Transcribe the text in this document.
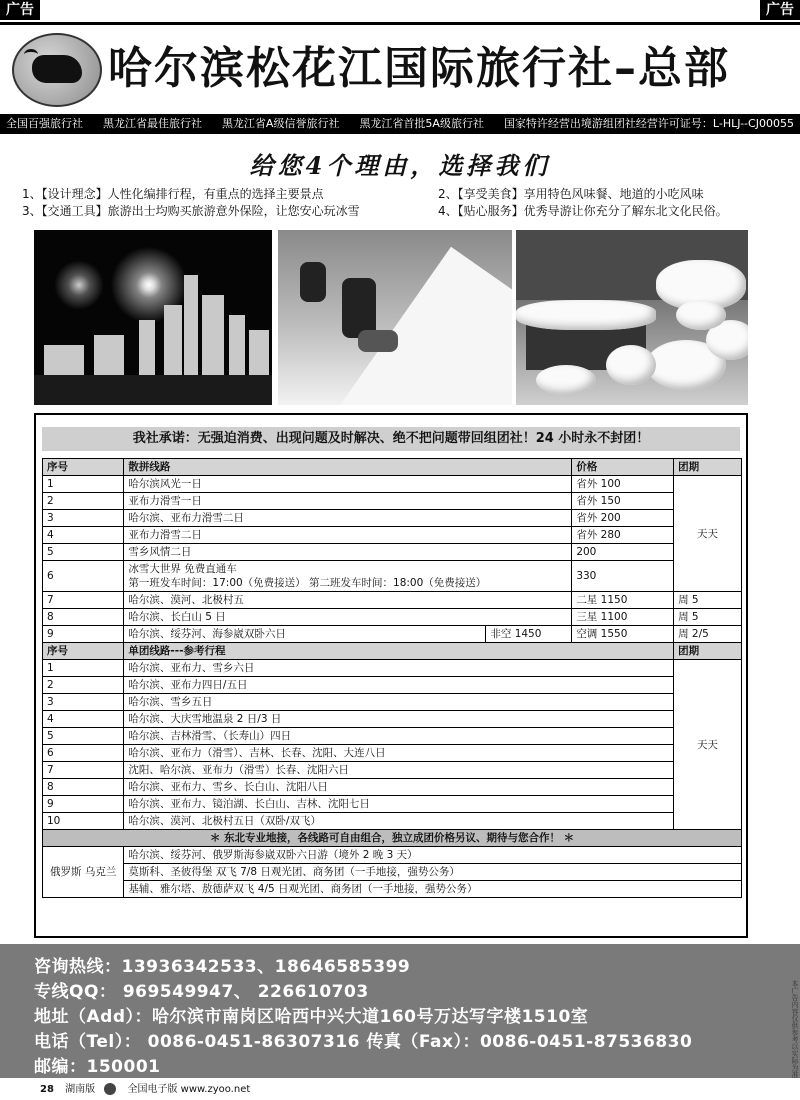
广告	广告
哈尔滨松花江国际旅行社–总部
全国百强旅行社 黑龙江省最佳旅行社 黑龙江省A级信誉旅行社 黑龙江省首批5A级旅行社 国家特许经营出境游组团社经营许可证号：L-HLJ--CJ00055
给您4个理由，选择我们
1、【设计理念】人性化编排行程，有重点的选择主要景点
3、【交通工具】旅游出士均购买旅游意外保险，让您安心玩冰雪
2、【享受美食】享用特色风味餐、地道的小吃风味
4、【贴心服务】优秀导游让你充分了解东北文化民俗。
我社承诺：无强迫消费、出现问题及时解决、绝不把问题带回组团社！24 小时永不封团！
序号	散拼线路		价格	团期
1	哈尔滨风光一日		省外 100	天天
2	亚布力滑雪一日		省外 150	
3	哈尔滨、亚布力滑雪二日		省外 200	
4	亚布力滑雪二日		省外 280	
5	雪乡风情二日		200	
6	冰雪大世界 免费直通车
第一班发车时间：17:00（免费接送） 第二班发车时间：18:00（免费接送）		330	
7	哈尔滨、漠河、北极村五		二星 1150	周 5
8	哈尔滨、长白山 5 日		三星 1100	周 5
9	哈尔滨、绥芬河、海参崴双卧六日	非空 1450	空调 1550	周 2/5
序号	单团线路---参考行程			团期
1	哈尔滨、亚布力、雪乡六日			天天
2	哈尔滨、亚布力四日/五日			
3	哈尔滨、雪乡五日			
4	哈尔滨、大庆雪地温泉 2 日/3 日			
5	哈尔滨、吉林滑雪、（长寿山）四日			
6	哈尔滨、亚布力（滑雪）、吉林、长春、沈阳、大连八日			
7	沈阳、哈尔滨、亚布力（滑雪）长春、沈阳六日			
8	哈尔滨、亚布力、雪乡、长白山、沈阳八日			
9	哈尔滨、亚布力、镜泊湖、长白山、吉林、沈阳七日			
10	哈尔滨、漠河、北极村五日（双卧/双飞）			
＊ 东北专业地接，各线路可自由组合，独立成团价格另议、期待与您合作！ ＊				
俄罗斯 乌克兰	哈尔滨、绥芬河、俄罗斯海参崴双卧六日游（境外 2 晚 3 天）			
	莫斯科、圣彼得堡 双飞 7/8 日观光团、商务团（一手地接，强势公务）			
	基辅、雅尔塔、敖德萨双飞 4/5 日观光团、商务团（一手地接，强势公务）			
咨询热线：13936342533、18646585399
专线QQ： 969549947、 226610703
地址（Add）：哈尔滨市南岗区哈西中兴大道160号万达写字楼1510室
电话（Tel）： 0086-0451-86307316 传真（Fax）：0086-0451-87536830
邮编：150001	本广告内容仅供参考以实际为准
28 湖南版	全国电子版 www.zyoo.net
